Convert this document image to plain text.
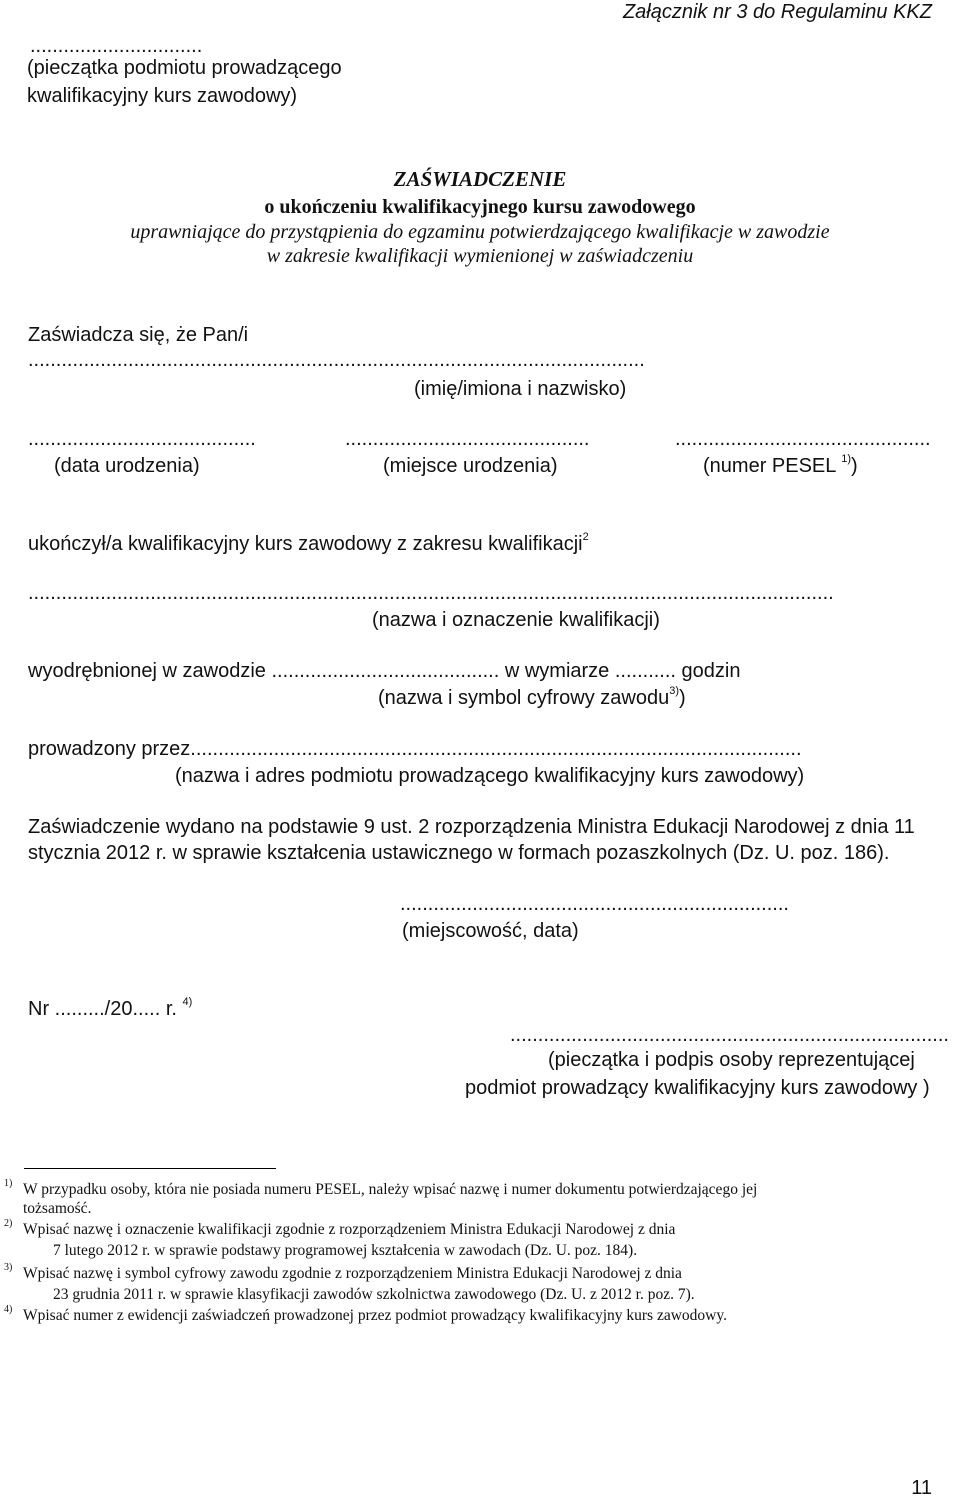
...............................
(pieczątka podmiotu prowadzącego
kwalifikacyjny kurs zawodowy)
Załącznik nr 3 do Regulaminu KKZ
ZAŚWIADCZENIE
o ukończeniu kwalifikacyjnego kursu zawodowego
uprawniające do przystąpienia do egzaminu potwierdzającego kwalifikacje w zawodzie
w zakresie kwalifikacji wymienionej w zaświadczeniu
Zaświadcza się, że Pan/i
...............................................................................................................
(imię/imiona i nazwisko)
.........................................	............................................	..............................................
(data urodzenia)	(miejsce urodzenia)	(numer PESEL $^{1)}$)
ukończył/a kwalifikacyjny kurs zawodowy z zakresu kwalifikacji$^2$
.................................................................................................................................................
(nazwa i oznaczenie kwalifikacji)
wyodrębnionej w zawodzie ......................................... w wymiarze ........... godzin
(nazwa i symbol cyfrowy zawodu$^{3)}$)
prowadzony przez..............................................................................................................
(nazwa i adres podmiotu prowadzącego kwalifikacyjny kurs zawodowy)
Zaświadczenie wydano na podstawie 9 ust. 2 rozporządzenia Ministra Edukacji Narodowej z dnia 11
stycznia 2012 r. w sprawie kształcenia ustawicznego w formach pozaszkolnych (Dz. U. poz. 186).
......................................................................
(miejscowość, data)
Nr ........./20..... r. $^{4)}$
...............................................................................
(pieczątka i podpis osoby reprezentującej
podmiot prowadzący kwalifikacyjny kurs zawodowy )
1) W przypadku osoby, która nie posiada numeru PESEL, należy wpisać nazwę i numer dokumentu potwierdzającego jej
tożsamość.
2) Wpisać nazwę i oznaczenie kwalifikacji zgodnie z rozporządzeniem Ministra Edukacji Narodowej z dnia
7 lutego 2012 r. w sprawie podstawy programowej kształcenia w zawodach (Dz. U. poz. 184).
3) Wpisać nazwę i symbol cyfrowy zawodu zgodnie z rozporządzeniem Ministra Edukacji Narodowej z dnia
23 grudnia 2011 r. w sprawie klasyfikacji zawodów szkolnictwa zawodowego (Dz. U. z 2012 r. poz. 7).
4) Wpisać numer z ewidencji zaświadczeń prowadzonej przez podmiot prowadzący kwalifikacyjny kurs zawodowy.
11
